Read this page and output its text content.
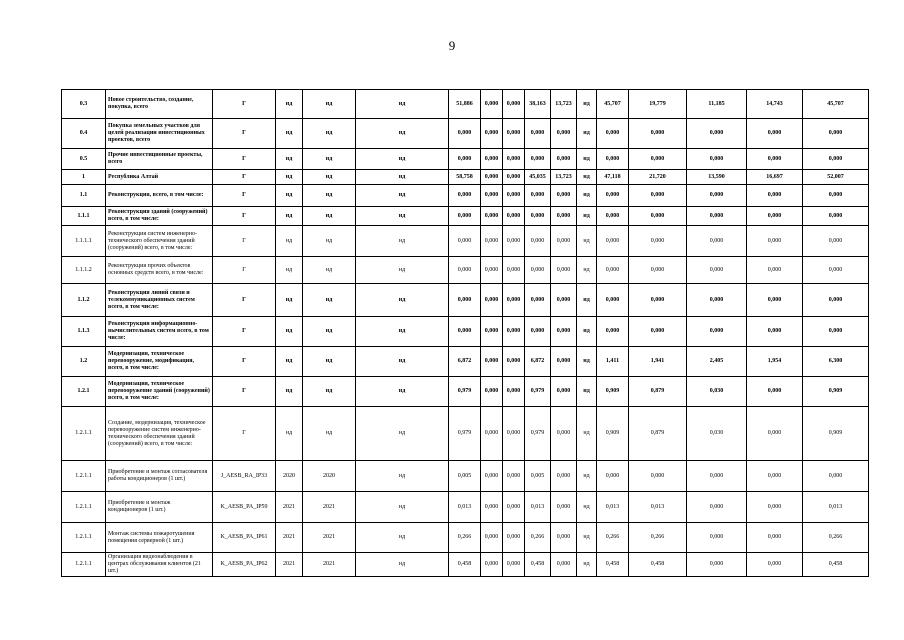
9
0.3	Новое строительство, создание, покупка, всего	Г	нд	нд	нд	51,886	0,000	0,000	38,163	13,723	нд	45,707	19,779	11,185	14,743	45,707
0.4	Покупка земельных участков для целей реализации инвестиционных проектов, всего	Г	нд	нд	нд	0,000	0,000	0,000	0,000	0,000	нд	0,000	0,000	0,000	0,000	0,000
0.5	Прочие инвестиционные проекты, всего	Г	нд	нд	нд	0,000	0,000	0,000	0,000	0,000	нд	0,000	0,000	0,000	0,000	0,000
1	Республика Алтай	Г	нд	нд	нд	58,758	0,000	0,000	45,035	13,723	нд	47,118	21,720	13,590	16,697	52,007
1.1	Реконструкция, всего, в том числе:	Г	нд	нд	нд	0,000	0,000	0,000	0,000	0,000	нд	0,000	0,000	0,000	0,000	0,000
1.1.1	Реконструкция зданий (сооружений) всего, в том числе:	Г	нд	нд	нд	0,000	0,000	0,000	0,000	0,000	нд	0,000	0,000	0,000	0,000	0,000
1.1.1.1	Реконструкция систем инженерно-технического обеспечения зданий (сооружений) всего, в том числе:	Г	нд	нд	нд	0,000	0,000	0,000	0,000	0,000	нд	0,000	0,000	0,000	0,000	0,000
1.1.1.2	Реконструкция прочих объектов основных средств всего, в том числе:	Г	нд	нд	нд	0,000	0,000	0,000	0,000	0,000	нд	0,000	0,000	0,000	0,000	0,000
1.1.2	Реконструкция линий связи и телекоммуникационных систем всего, в том числе:	Г	нд	нд	нд	0,000	0,000	0,000	0,000	0,000	нд	0,000	0,000	0,000	0,000	0,000
1.1.3	Реконструкция информационно-вычислительных систем всего, в том числе:	Г	нд	нд	нд	0,000	0,000	0,000	0,000	0,000	нд	0,000	0,000	0,000	0,000	0,000
1.2	Модернизация, техническое перевооружение, модификация, всего, в том числе:	Г	нд	нд	нд	6,872	0,000	0,000	6,872	0,000	нд	1,411	1,941	2,405	1,954	6,300
1.2.1	Модернизация, техническое перевооружение зданий (сооружений) всего, в том числе:	Г	нд	нд	нд	0,979	0,000	0,000	0,979	0,000	нд	0,909	0,879	0,030	0,000	0,909
1.2.1.1	Создание, модернизация, техническое перевооружение систем инженерно-технического обеспечения зданий (сооружений) всего, в том числе:	Г	нд	нд	нд	0,979	0,000	0,000	0,979	0,000	нд	0,909	0,879	0,030	0,000	0,909
1.2.1.1	Приобретение и монтаж согласователя работы кондиционеров (1 шт.)	J_AESB_RA_IP33	2020	2020	нд	0,005	0,000	0,000	0,005	0,000	нд	0,000	0,000	0,000	0,000	0,000
1.2.1.1	Приобретение и монтаж кондиционеров (1 шт.)	K_AESB_PA_IP59	2021	2021	нд	0,013	0,000	0,000	0,013	0,000	нд	0,013	0,013	0,000	0,000	0,013
1.2.1.1	Монтаж системы пожаротушения помещения серверной (1 шт.)	K_AESB_PA_IP61	2021	2021	нд	0,266	0,000	0,000	0,266	0,000	нд	0,266	0,266	0,000	0,000	0,266
1.2.1.1	Организация видеонаблюдения в центрах обслуживания клиентов (21 шт.)	K_AESB_PA_IP62	2021	2021	нд	0,458	0,000	0,000	0,458	0,000	нд	0,458	0,458	0,000	0,000	0,458
